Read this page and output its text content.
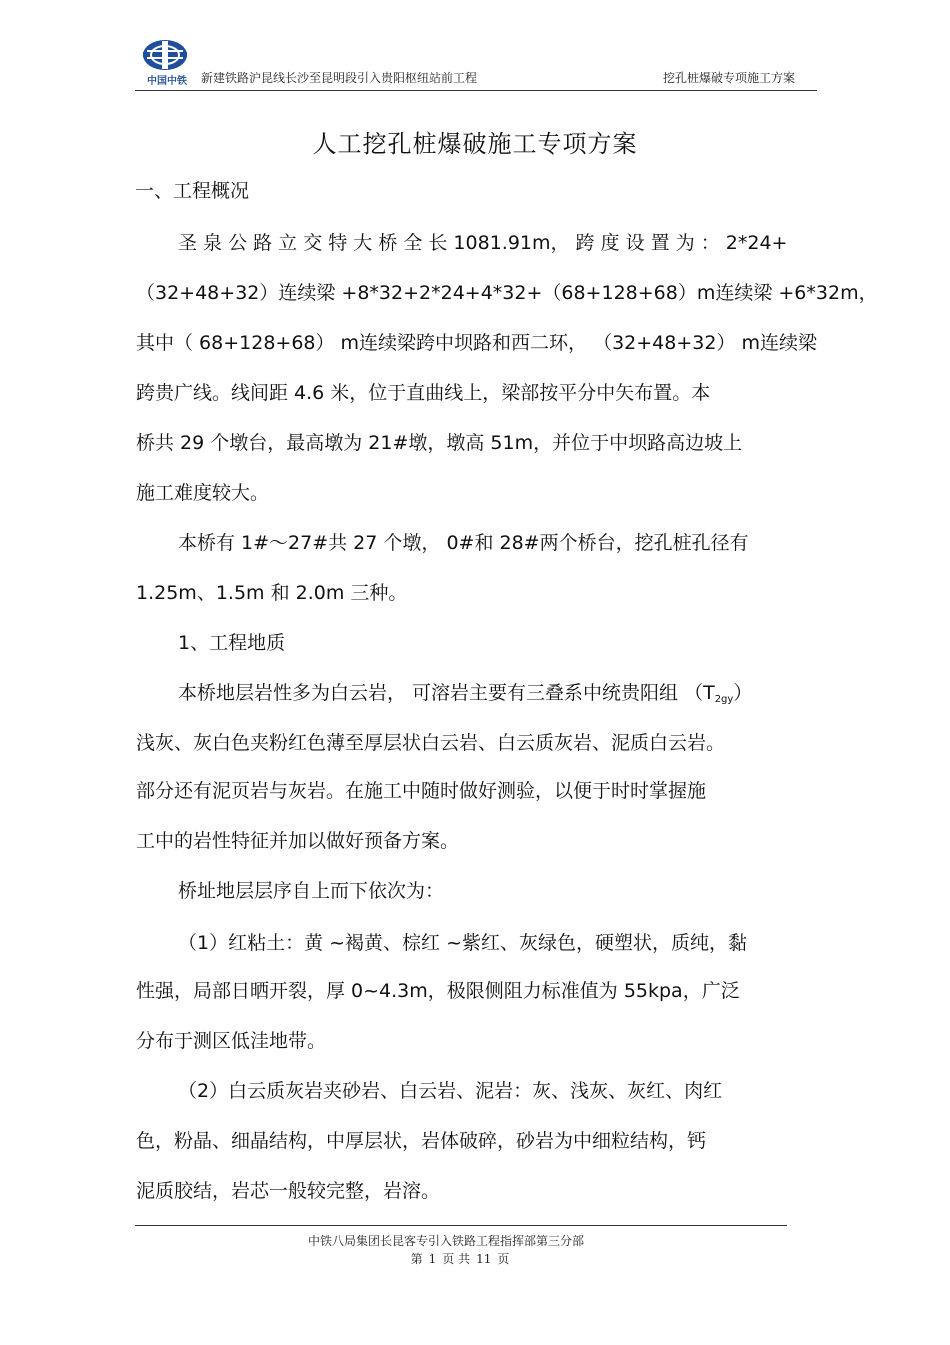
中国中铁	新建铁路沪昆线长沙至昆明段引入贵阳枢纽站前工程	挖孔桩爆破专项施工方案
人工挖孔桩爆破施工专项方案
一、工程概况
圣 泉 公 路 立 交 特 大 桥 全 长 1081.91m， 跨 度 设 置 为 ： 2*24+
（32+48+32）连续梁 +8*32+2*24+4*32+（68+128+68）m连续梁 +6*32m，
其中（ 68+128+68） m连续梁跨中坝路和西二环， （32+48+32） m连续梁
跨贵广线。线间距 4.6 米，位于直曲线上，梁部按平分中矢布置。本
桥共 29 个墩台，最高墩为 21#墩，墩高 51m，并位于中坝路高边坡上
施工难度较大。
本桥有 1#～27#共 27 个墩， 0#和 28#两个桥台，挖孔桩孔径有
1.25m、1.5m 和 2.0m 三种。
1、工程地质
本桥地层岩性多为白云岩， 可溶岩主要有三叠系中统贵阳组 $(T_{2gy})$
浅灰、灰白色夹粉红色薄至厚层状白云岩、白云质灰岩、泥质白云岩。
部分还有泥页岩与灰岩。在施工中随时做好测验，以便于时时掌握施
工中的岩性特征并加以做好预备方案。
桥址地层层序自上而下依次为：
（1）红粘土：黄 ~褐黄、棕红 ~紫红、灰绿色，硬塑状，质纯，黏
性强，局部日晒开裂，厚 0~4.3m，极限侧阻力标准值为 55kpa，广泛
分布于测区低洼地带。
（2）白云质灰岩夹砂岩、白云岩、泥岩：灰、浅灰、灰红、肉红
色，粉晶、细晶结构，中厚层状，岩体破碎，砂岩为中细粒结构，钙
泥质胶结，岩芯一般较完整，岩溶。
中铁八局集团长昆客专引入铁路工程指挥部第三分部
第 1 页 共 11 页
